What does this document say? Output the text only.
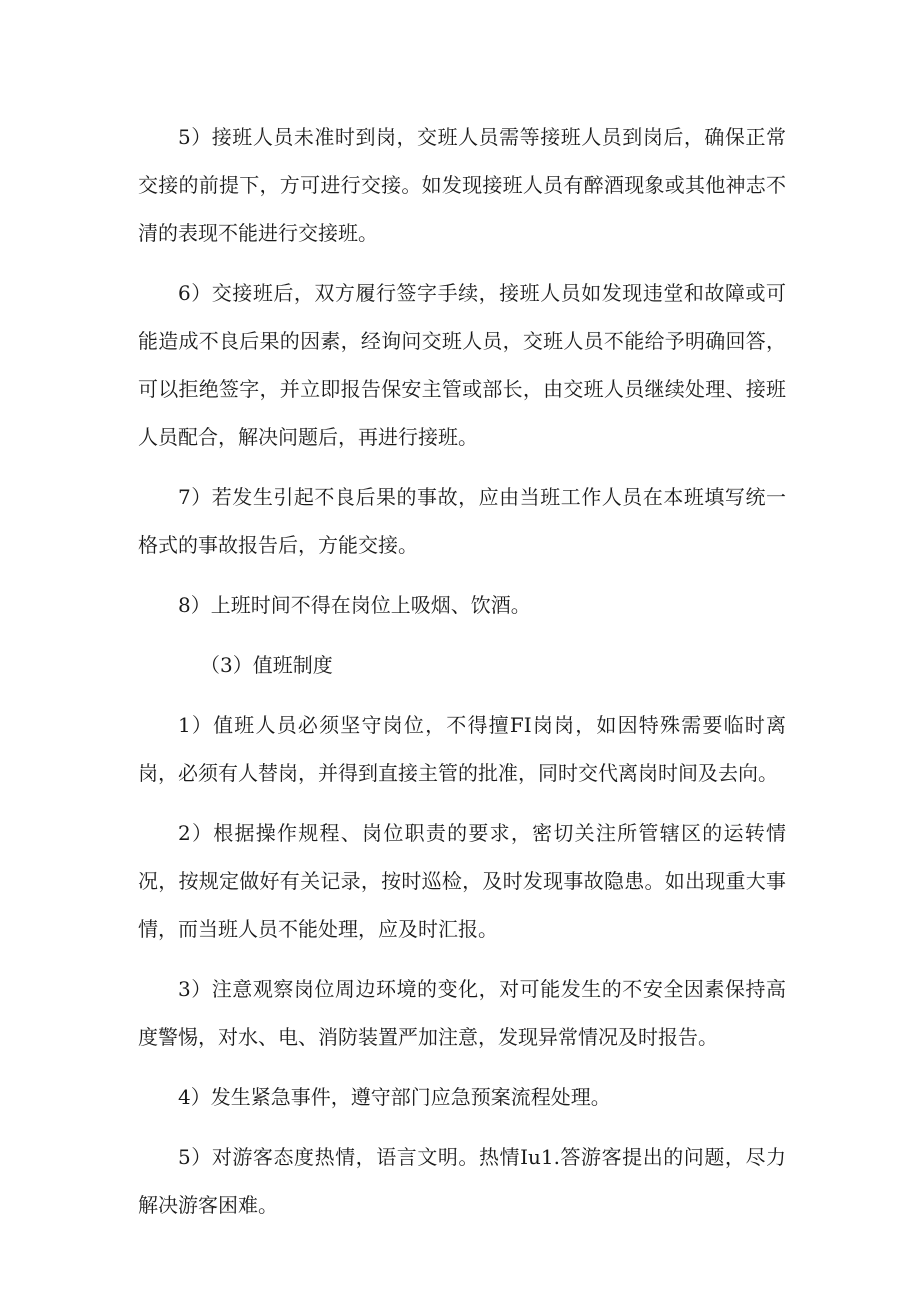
5）接班人员未准时到岗，交班人员需等接班人员到岗后，确保正常交接的前提下，方可进行交接。如发现接班人员有醉酒现象或其他神志不清的表现不能进行交接班。

6）交接班后，双方履行签字手续，接班人员如发现违堂和故障或可能造成不良后果的因素，经询问交班人员，交班人员不能给予明确回答，可以拒绝签字，并立即报告保安主管或部长，由交班人员继续处理、接班人员配合，解决问题后，再进行接班。

7）若发生引起不良后果的事故，应由当班工作人员在本班填写统一格式的事故报告后，方能交接。

8）上班时间不得在岗位上吸烟、饮酒。

（3）值班制度

1）值班人员必须坚守岗位，不得擅FI岗岗，如因特殊需要临时离岗，必须有人替岗，并得到直接主管的批准，同时交代离岗时间及去向。

2）根据操作规程、岗位职责的要求，密切关注所管辖区的运转情况，按规定做好有关记录，按时巡检，及时发现事故隐患。如出现重大事情，而当班人员不能处理，应及时汇报。

3）注意观察岗位周边环境的变化，对可能发生的不安全因素保持高度警惕，对水、电、消防装置严加注意，发现异常情况及时报告。

4）发生紧急事件，遵守部门应急预案流程处理。

5）对游客态度热情，语言文明。热情Iu1.答游客提出的问题，尽力解决游客困难。
